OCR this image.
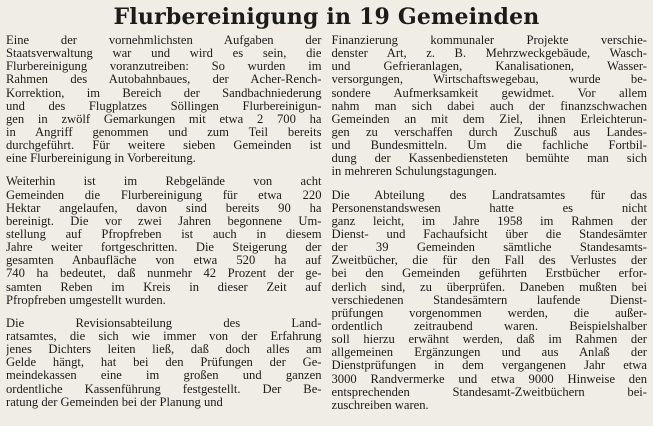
Flurbereinigung in 19 Gemeinden

Eine der vornehmlichsten Aufgaben der
Staatsverwaltung war und wird es sein, die
Flurbereinigung voranzutreiben: So wurden im
Rahmen des Autobahnbaues, der Acher-Rench-
Korrektion, im Bereich der Sandbachniederung
und des Flugplatzes Söllingen Flurbereinigun-
gen in zwölf Gemarkungen mit etwa 2 700 ha
in Angriff genommen und zum Teil bereits
durchgeführt. Für weitere sieben Gemeinden ist
eine Flurbereinigung in Vorbereitung.

Weiterhin ist im Rebgelände von acht
Gemeinden die Flurbereinigung für etwa 220
Hektar angelaufen, davon sind bereits 90 ha
bereinigt. Die vor zwei Jahren begonnene Um-
stellung auf Pfropfreben ist auch in diesem
Jahre weiter fortgeschritten. Die Steigerung der
gesamten Anbaufläche von etwa 520 ha auf
740 ha bedeutet, daß nunmehr 42 Prozent der ge-
samten Reben im Kreis in dieser Zeit auf
Pfropfreben umgestellt wurden.

Die Revisionsabteilung des Land-
ratsamtes, die sich wie immer von der Erfahrung
jenes Dichters leiten ließ, daß doch alles am
Gelde hängt, hat bei den Prüfungen der Ge-
meindekassen eine im großen und ganzen
ordentliche Kassenführung festgestellt. Der Be-
ratung der Gemeinden bei der Planung und

Finanzierung kommunaler Projekte verschie-
denster Art, z. B. Mehrzweckgebäude, Wasch-
und Gefrieranlagen, Kanalisationen, Wasser-
versorgungen, Wirtschaftswegebau, wurde be-
sondere Aufmerksamkeit gewidmet. Vor allem
nahm man sich dabei auch der finanzschwachen
Gemeinden an mit dem Ziel, ihnen Erleichterun-
gen zu verschaffen durch Zuschuß aus Landes-
und Bundesmitteln. Um die fachliche Fortbil-
dung der Kassenbediensteten bemühte man sich
in mehreren Schulungstagungen.

Die Abteilung des Landratsamtes für das
Personenstandswesen hatte es nicht
ganz leicht, im Jahre 1958 im Rahmen der
Dienst- und Fachaufsicht über die Standesämter
der 39 Gemeinden sämtliche Standesamts-
Zweitbücher, die für den Fall des Verlustes der
bei den Gemeinden geführten Erstbücher erfor-
derlich sind, zu überprüfen. Daneben mußten bei
verschiedenen Standesämtern laufende Dienst-
prüfungen vorgenommen werden, die außer-
ordentlich zeitraubend waren. Beispielshalber
soll hierzu erwähnt werden, daß im Rahmen der
allgemeinen Ergänzungen und aus Anlaß der
Dienstprüfungen in dem vergangenen Jahr etwa
3000 Randvermerke und etwa 9000 Hinweise den
entsprechenden Standesamt-Zweitbüchern bei-
zuschreiben waren.
